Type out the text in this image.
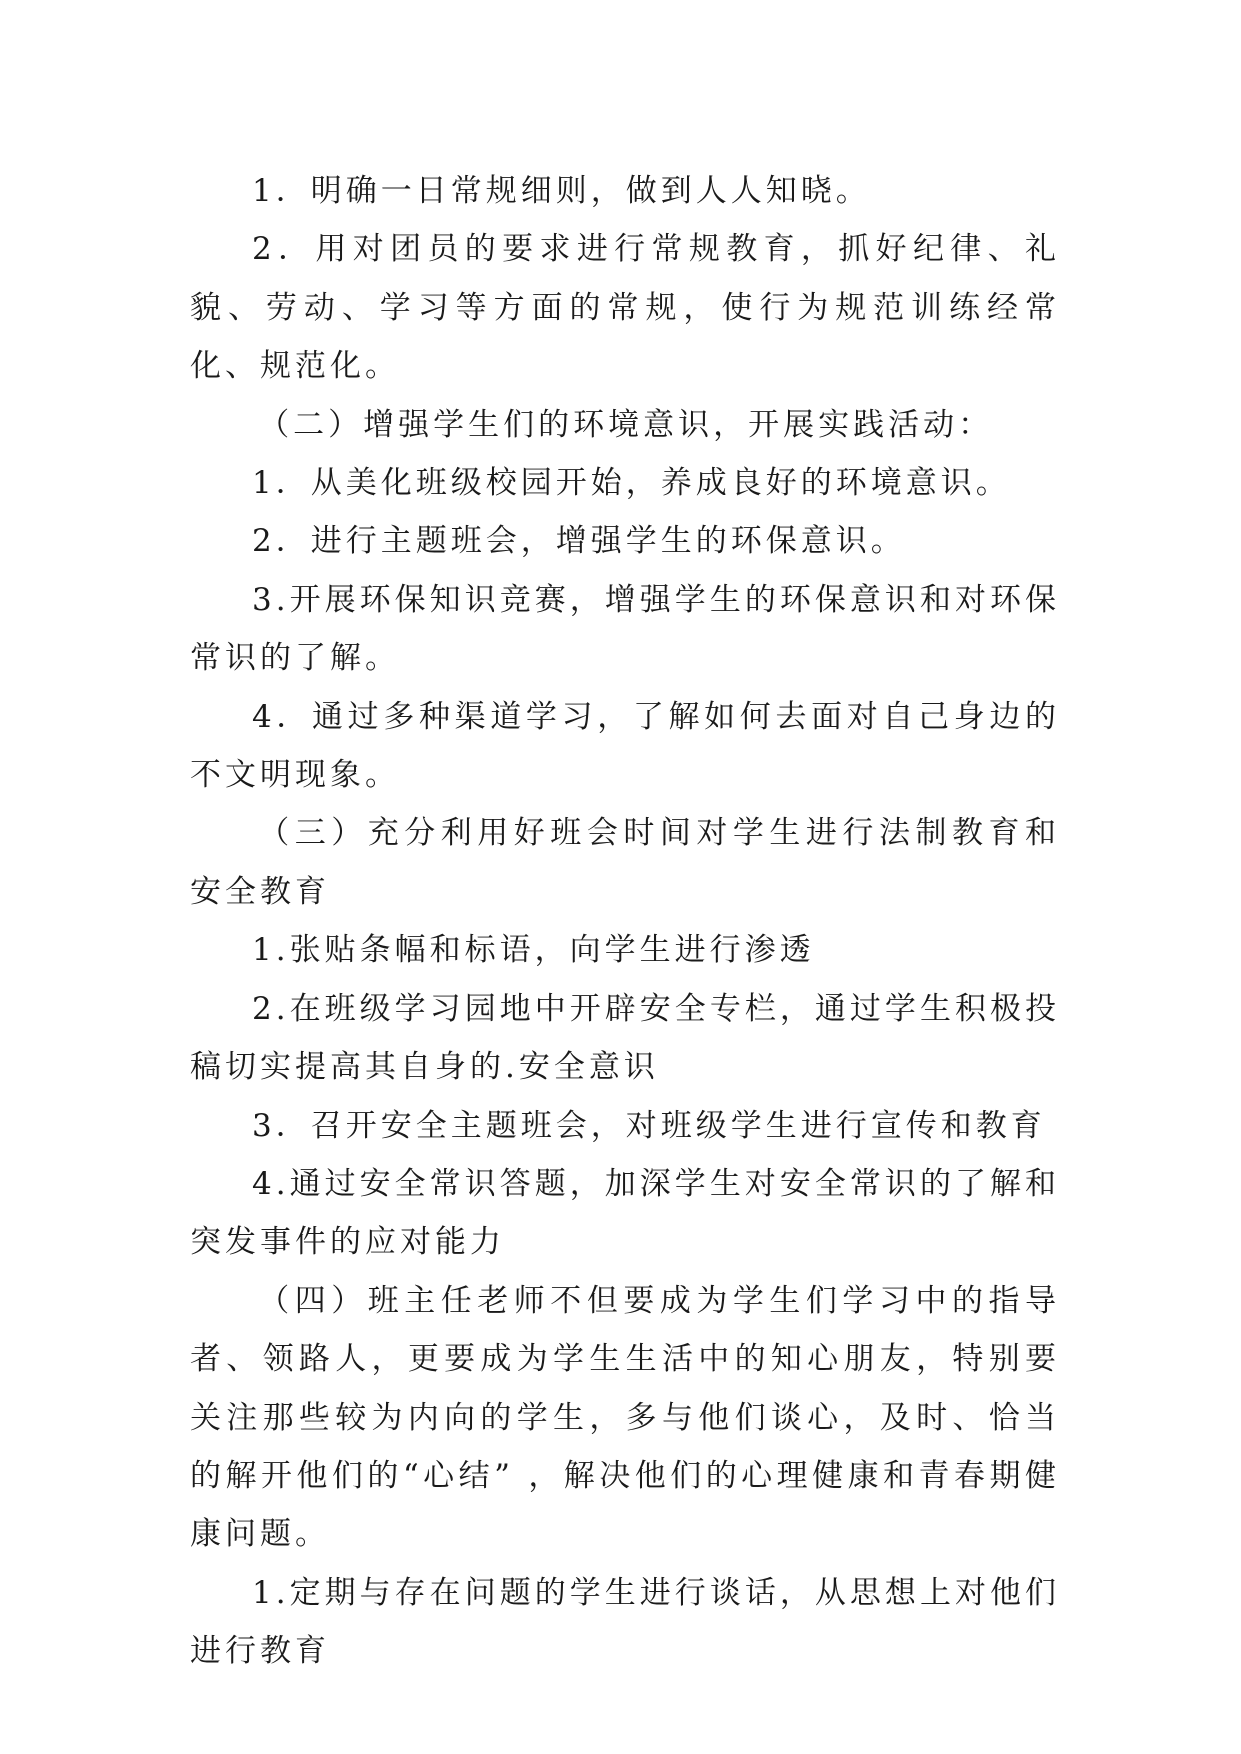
1．明确一日常规细则，做到人人知晓。

2．用对团员的要求进行常规教育，抓好纪律、礼貌、劳动、学习等方面的常规，使行为规范训练经常化、规范化。

（二）增强学生们的环境意识，开展实践活动：

1．从美化班级校园开始，养成良好的环境意识。

2．进行主题班会，增强学生的环保意识。

3.开展环保知识竞赛，增强学生的环保意识和对环保常识的了解。

4．通过多种渠道学习，了解如何去面对自己身边的不文明现象。

（三）充分利用好班会时间对学生进行法制教育和安全教育

1.张贴条幅和标语，向学生进行渗透

2.在班级学习园地中开辟安全专栏，通过学生积极投稿切实提高其自身的.安全意识

3．召开安全主题班会，对班级学生进行宣传和教育

4.通过安全常识答题，加深学生对安全常识的了解和突发事件的应对能力

（四）班主任老师不但要成为学生们学习中的指导者、领路人，更要成为学生生活中的知心朋友，特别要关注那些较为内向的学生，多与他们谈心，及时、恰当的解开他们的“心结” ，解决他们的心理健康和青春期健康问题。

1.定期与存在问题的学生进行谈话，从思想上对他们进行教育
